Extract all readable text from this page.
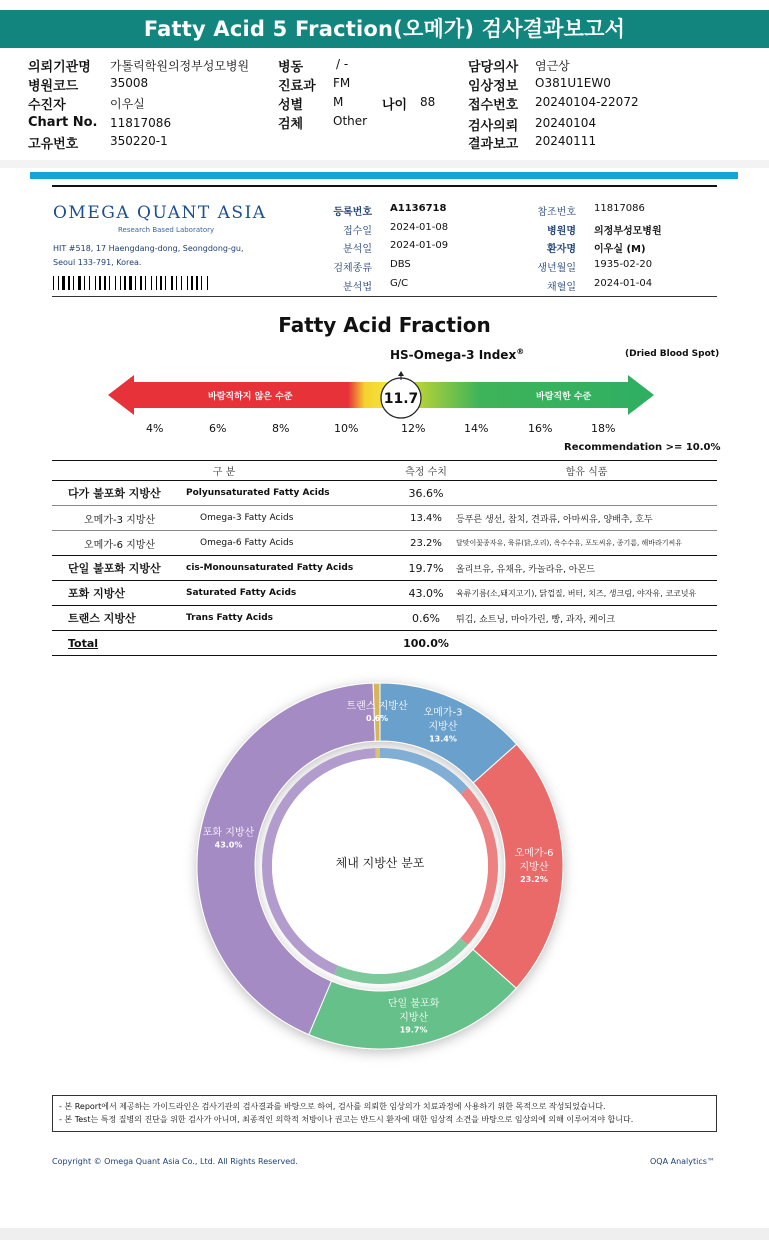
Fatty Acid 5 Fraction(오메가) 검사결과보고서
의뢰기관명 가톨릭학원의정부성모병원
병원코드	35008
수진자	이우실
Chart No. 11817086
고유번호	350220-1
병동	/ -
진료과 FM
성별 M
검체 Other
나이 88
담당의사 염근상
임상정보 O381U1EW0
접수번호 20240104-22072
검사의뢰 20240104
결과보고 20240111
OMEGA QUANT ASIA
Research Based Laboratory
HIT #518, 17 Haengdang-dong, Seongdong-gu,
Seoul 133-791, Korea.
등록번호 A1136718
접수일 2024-01-08
분석일 2024-01-09
검체종류 DBS
분석법 G/C
참조번호 11817086
병원명 의정부성모병원
환자명 이우실 (M)
생년월일 1935-02-20
채혈일 2024-01-04
Fatty Acid Fraction
HS-Omega-3 Index®	(Dried Blood Spot)
바람직하지 않은 수준	바람직한 수준
11.7
4%	6%	8%	10%	12%	14%	16%	18%
Recommendation >= 10.0%
구 분		측정 수치	함유 식품
다가 불포화 지방산	Polyunsaturated Fatty Acids	36.6%	
오메가-3 지방산	Omega-3 Fatty Acids	13.4%	등푸른 생선, 참치, 견과류, 아마씨유, 양배추, 호두
오메가-6 지방산	Omega-6 Fatty Acids	23.2%	달맞이꽃종자유, 육류(닭,오리), 옥수수유, 포도씨유, 종기름, 해바라기씨유
단일 불포화 지방산	cis-Monounsaturated Fatty Acids	19.7%	올리브유, 유채유, 카놀라유, 아몬드
포화 지방산	Saturated Fatty Acids	43.0%	육류기름(소,돼지고기), 닭껍질, 버터, 치즈, 생크림, 야자유, 코코넛유
트랜스 지방산	Trans Fatty Acids	0.6%	튀김, 쇼트닝, 마아가린, 빵, 과자, 케이크
Total		100.0%	
체내 지방산 분포
오메가-3
지방산
13.4%
오메가-6
지방산
23.2%
단일 불포화
지방산
19.7%
포화 지방산
43.0%
트랜스 지방산
0.6%
- 본 Report에서 제공하는 가이드라인은 검사기관의 검사결과를 바탕으로 하여, 검사를 의뢰한 임상의가 치료과정에 사용하기 위한 목적으로 작성되었습니다.
- 본 Test는 특정 질병의 진단을 위한 검사가 아니며, 최종적인 의학적 처방이나 권고는 반드시 환자에 대한 임상적 소견을 바탕으로 임상의에 의해 이루어져야 합니다.
Copyright © Omega Quant Asia Co., Ltd. All Rights Reserved.	OQA Analytics™
